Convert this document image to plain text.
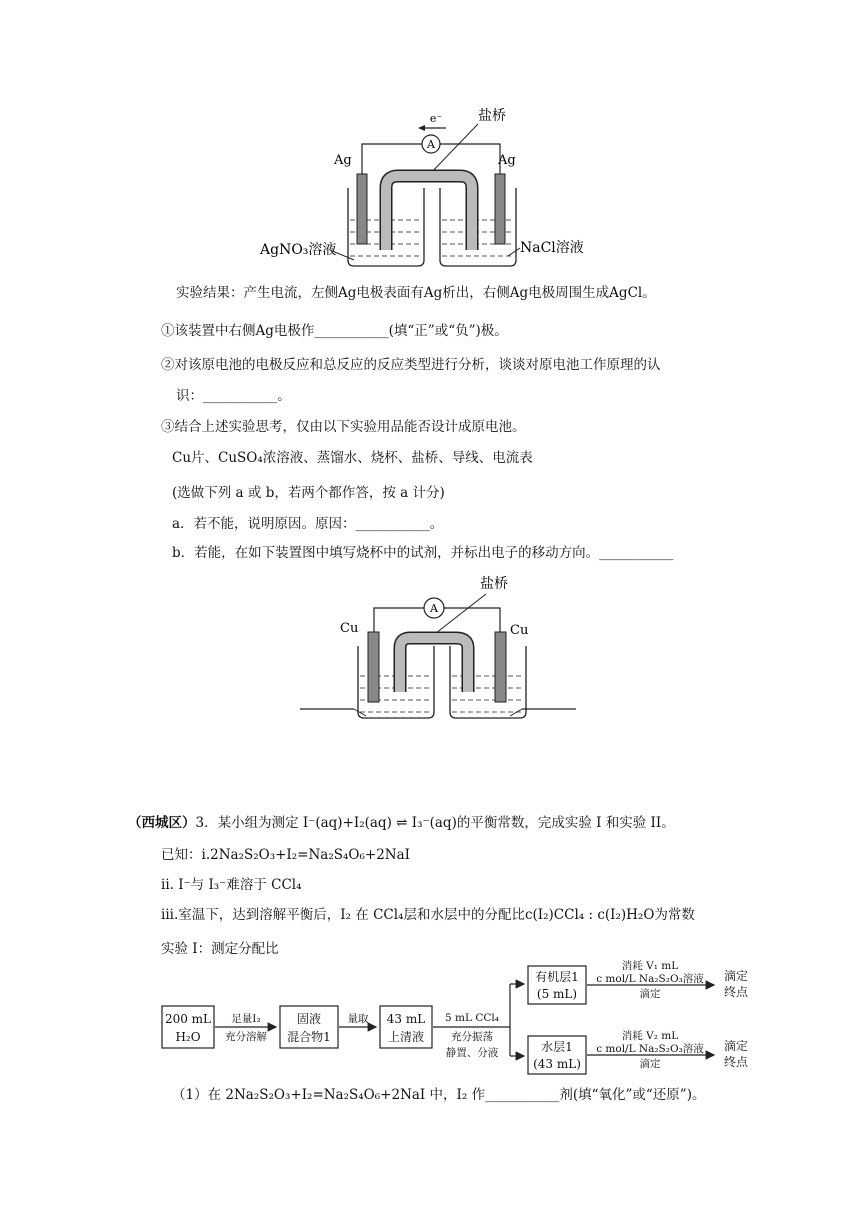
A
e⁻	盐桥
Ag	Ag
AgNO₃溶液	NaCl溶液
实验结果：产生电流，左侧Ag电极表面有Ag析出，右侧Ag电极周围生成AgCl。
①该装置中右侧Ag电极作___________(填“正”或“负”)极。
②对该原电池的电极反应和总反应的反应类型进行分析，谈谈对原电池工作原理的认
识：___________。
③结合上述实验思考，仅由以下实验用品能否设计成原电池。
Cu片、CuSO₄浓溶液、蒸馏水、烧杯、盐桥、导线、电流表
(选做下列 a 或 b，若两个都作答，按 a 计分)
a．若不能，说明原因。原因：___________。
b．若能，在如下装置图中填写烧杯中的试剂，并标出电子的移动方向。___________
盐桥
A
Cu	Cu
（西城区）3．某小组为测定 I⁻(aq)+I₂(aq) ⇌ I₃⁻(aq)的平衡常数，完成实验 I 和实验 II。
已知：i.2Na₂S₂O₃+I₂=Na₂S₄O₆+2NaI
ii. I⁻与 I₃⁻难溶于 CCl₄
iii.室温下，达到溶解平衡后，I₂ 在 CCl₄层和水层中的分配比c(I₂)CCl₄ : c(I₂)H₂O为常数
实验 I：测定分配比
200 mL
H₂O
足量I₂
充分溶解
固液
混合物1
量取 43 mL
上清液
5 mL CCl₄
充分振荡
静置、分液
有机层1
(5 mL)
水层1
(43 mL)
消耗 V₁ mL
c mol/L Na₂S₂O₃溶液
滴定
消耗 V₂ mL
c mol/L Na₂S₂O₃溶液
滴定
滴定
终点
滴定
终点
（1）在 2Na₂S₂O₃+I₂=Na₂S₄O₆+2NaI 中，I₂ 作___________剂(填“氧化”或“还原”)。
